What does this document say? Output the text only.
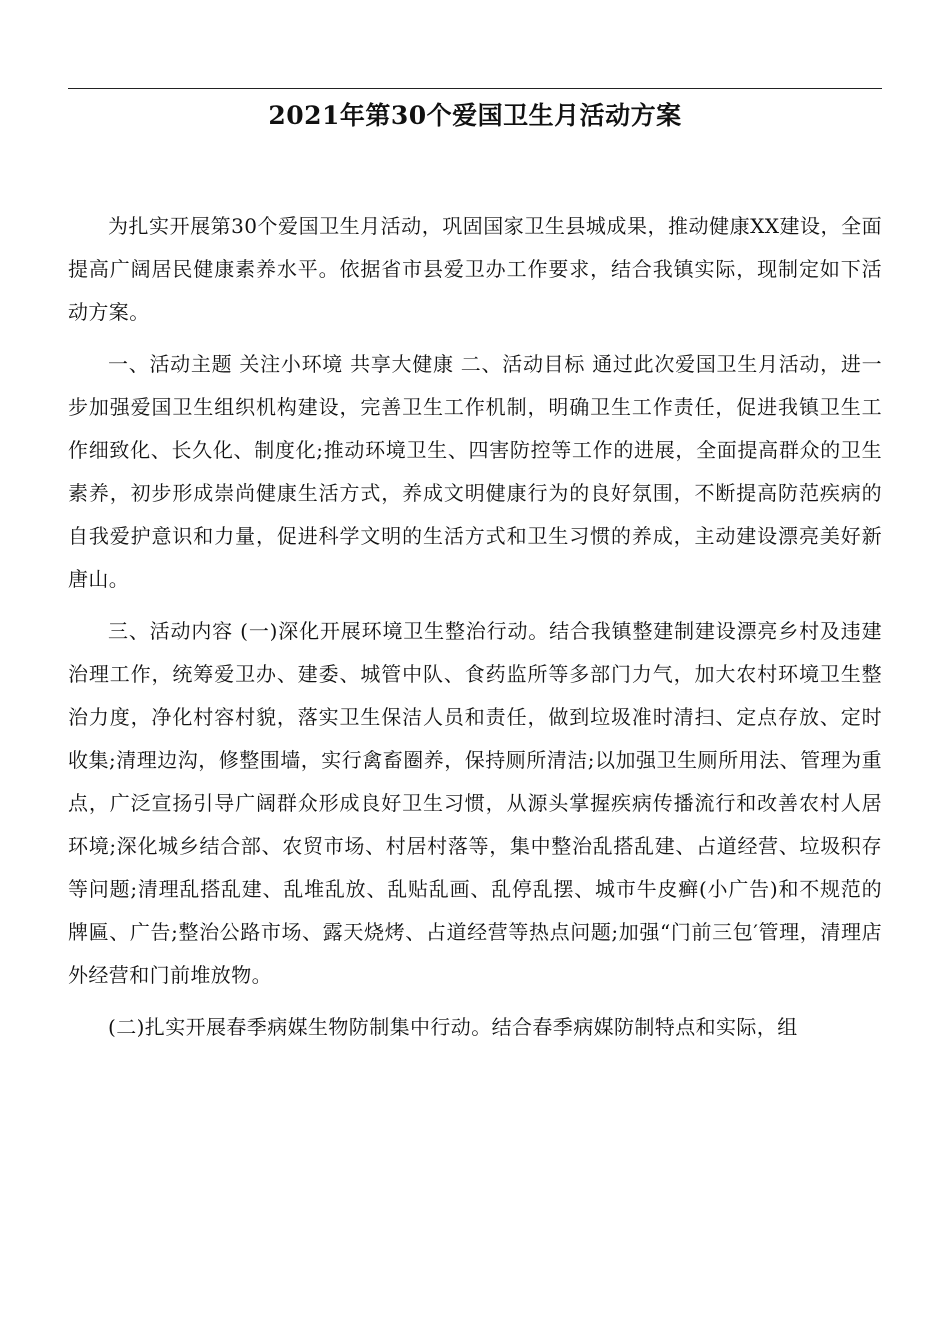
2021年第30个爱国卫生月活动方案

为扎实开展第30个爱国卫生月活动，巩固国家卫生县城成果，推动健康XX建设，全面提高广阔居民健康素养水平。依据省市县爱卫办工作要求，结合我镇实际，现制定如下活动方案。

一、活动主题 关注小环境 共享大健康 二、活动目标 通过此次爱国卫生月活动，进一步加强爱国卫生组织机构建设，完善卫生工作机制，明确卫生工作责任，促进我镇卫生工作细致化、长久化、制度化;推动环境卫生、四害防控等工作的进展，全面提高群众的卫生素养，初步形成崇尚健康生活方式，养成文明健康行为的良好氛围，不断提高防范疾病的自我爱护意识和力量，促进科学文明的生活方式和卫生习惯的养成，主动建设漂亮美好新唐山。

三、活动内容 (一)深化开展环境卫生整治行动。结合我镇整建制建设漂亮乡村及违建治理工作，统筹爱卫办、建委、城管中队、食药监所等多部门力气，加大农村环境卫生整治力度，净化村容村貌，落实卫生保洁人员和责任，做到垃圾准时清扫、定点存放、定时收集;清理边沟，修整围墙，实行禽畜圈养，保持厕所清洁;以加强卫生厕所用法、管理为重点，广泛宣扬引导广阔群众形成良好卫生习惯，从源头掌握疾病传播流行和改善农村人居环境;深化城乡结合部、农贸市场、村居村落等，集中整治乱搭乱建、占道经营、垃圾积存等问题;清理乱搭乱建、乱堆乱放、乱贴乱画、乱停乱摆、城市牛皮癣(小广告)和不规范的牌匾、广告;整治公路市场、露天烧烤、占道经营等热点问题;加强“门前三包′管理，清理店外经营和门前堆放物。

(二)扎实开展春季病媒生物防制集中行动。结合春季病媒防制特点和实际，组
